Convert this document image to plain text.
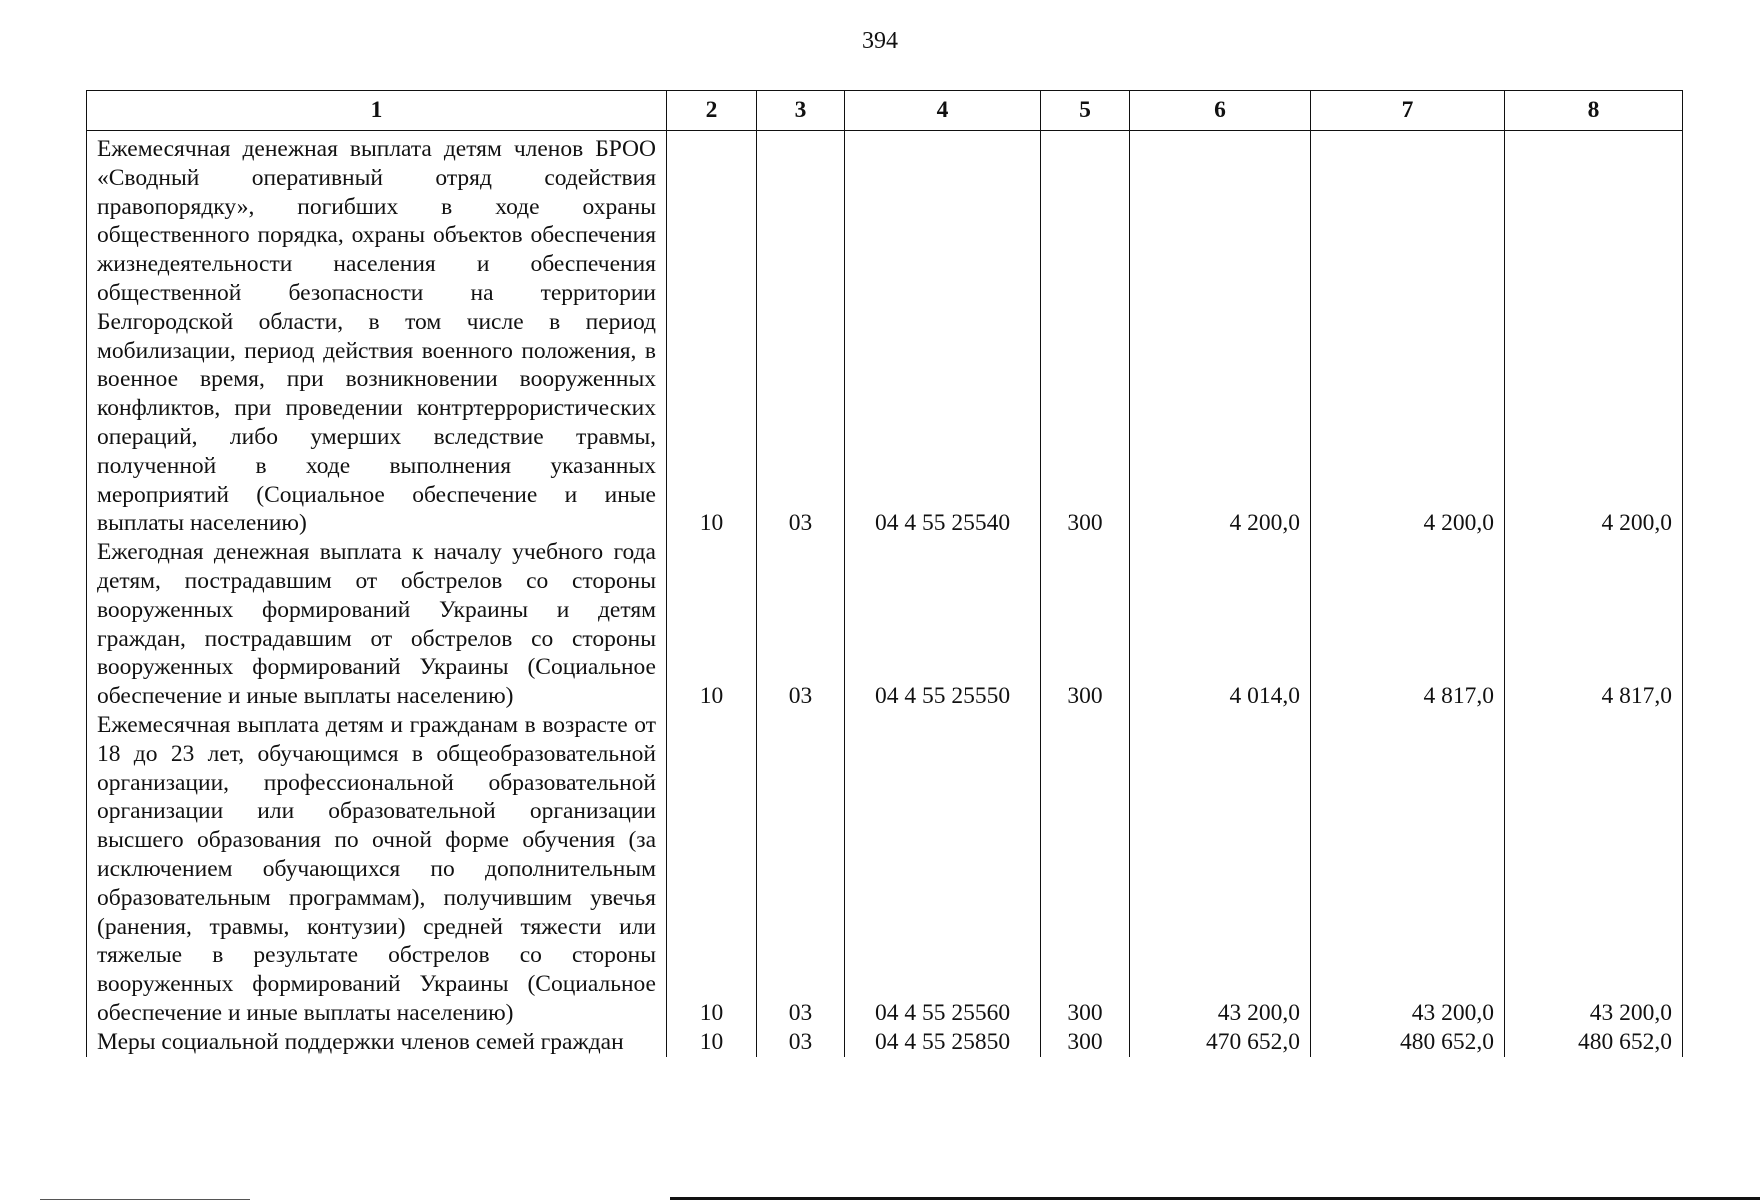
394
1	2	3	4	5	6	7	8
Ежемесячная денежная выплата детям членов БРОО «Сводный оперативный отряд содействия правопорядку», погибших в ходе охраны общественного порядка, охраны объектов обеспечения жизнедеятельности населения и обеспечения общественной безопасности на территории Белгородской области, в том числе в период мобилизации, период действия военного положения, в военное время, при возникновении вооруженных конфликтов, при проведении контртеррористических операций, либо умерших вследствие травмы, полученной в ходе выполнения указанных мероприятий (Социальное обеспечение и иные выплаты населению)	10	03	04 4 55 25540	300	4 200,0	4 200,0	4 200,0
Ежегодная денежная выплата к началу учебного года детям, пострадавшим от обстрелов со стороны вооруженных формирований Украины и детям граждан, пострадавшим от обстрелов со стороны вооруженных формирований Украины (Социальное обеспечение и иные выплаты населению)	10	03	04 4 55 25550	300	4 014,0	4 817,0	4 817,0
Ежемесячная выплата детям и гражданам в возрасте от 18 до 23 лет, обучающимся в общеобразовательной организации, профессиональной образовательной организации или образовательной организации высшего образования по очной форме обучения (за исключением обучающихся по дополнительным образовательным программам), получившим увечья (ранения, травмы, контузии) средней тяжести или тяжелые в результате обстрелов со стороны вооруженных формирований Украины (Социальное обеспечение и иные выплаты населению)	10	03	04 4 55 25560	300	43 200,0	43 200,0	43 200,0
Меры социальной поддержки членов семей граждан	10	03	04 4 55 25850	300	470 652,0	480 652,0	480 652,0
